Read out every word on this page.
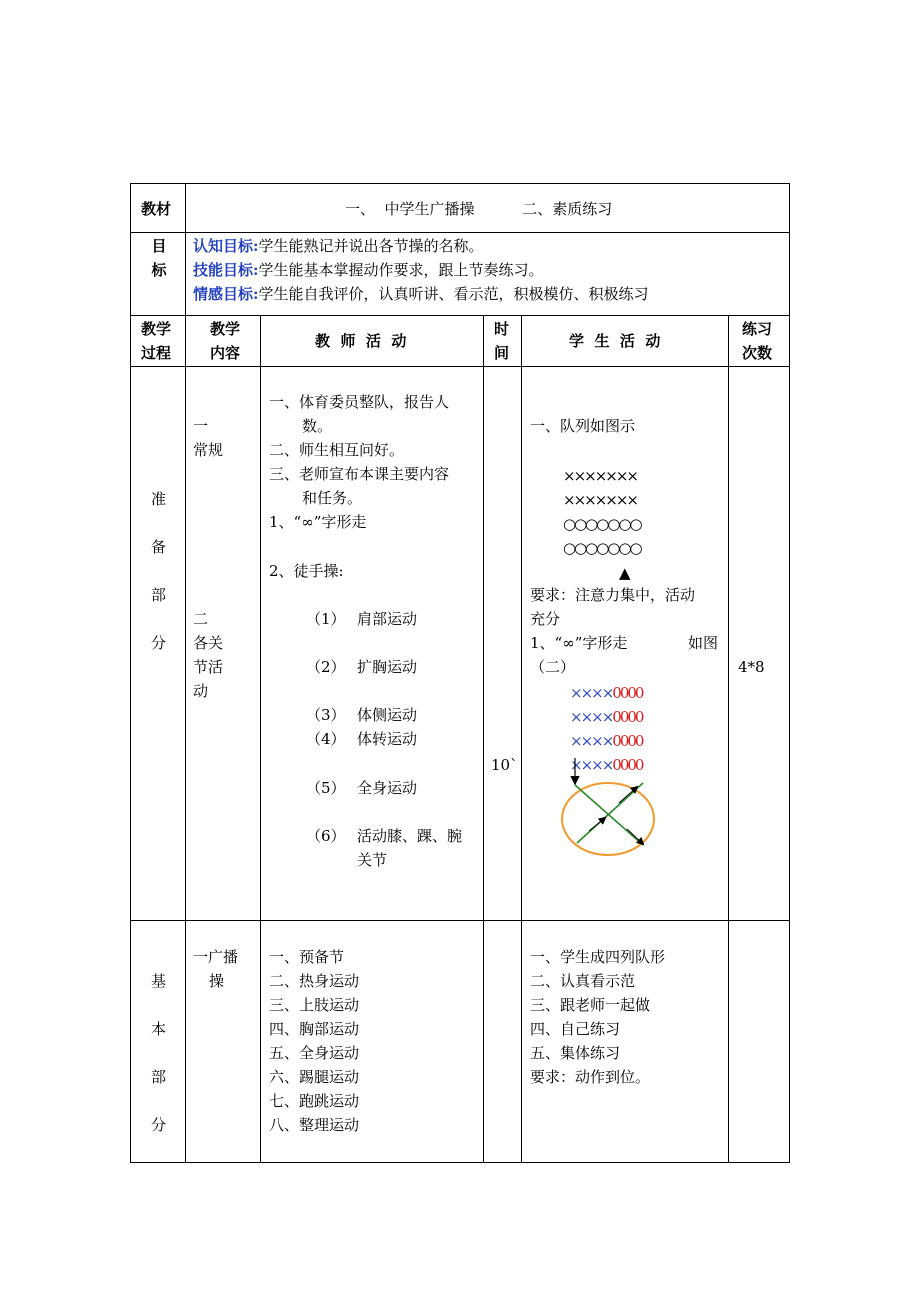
教材	一、  中学生广播操          二、素质练习
目标
认知目标:学生能熟记并说出各节操的名称。
技能目标:学生能基本掌握动作要求，跟上节奏练习。
情感目标:学生能自我评价，认真听讲、看示范，积极模仿、积极练习
教学
过程
教学
内容
教  师  活  动
时
间
学  生  活  动
练习
次数
准
备
部
分
一
常规
二
各关
节活
动
一、体育委员整队，报告人
数。
二、师生相互问好。
三、老师宣布本课主要内容
和任务。
1、“∞”字形走
2、徒手操:
（1） 肩部运动
（2） 扩胸运动
（3） 体侧运动
（4） 体转运动
（5） 全身运动
（6） 活动膝、踝、腕
关节
10`
一、队列如图示
×××××××
×××××××
○○○○○○○
○○○○○○○
▲
要求：注意力集中，活动
充分
1、“∞”字形走	如图
（二）
××××0000
××××0000
××××0000
××××0000
4*8
基
本
部
分
一广播
操
一、预备节
二、热身运动
三、上肢运动
四、胸部运动
五、全身运动
六、踢腿运动
七、跑跳运动
八、整理运动
一、学生成四列队形
二、认真看示范
三、跟老师一起做
四、自己练习
五、集体练习
要求：动作到位。
